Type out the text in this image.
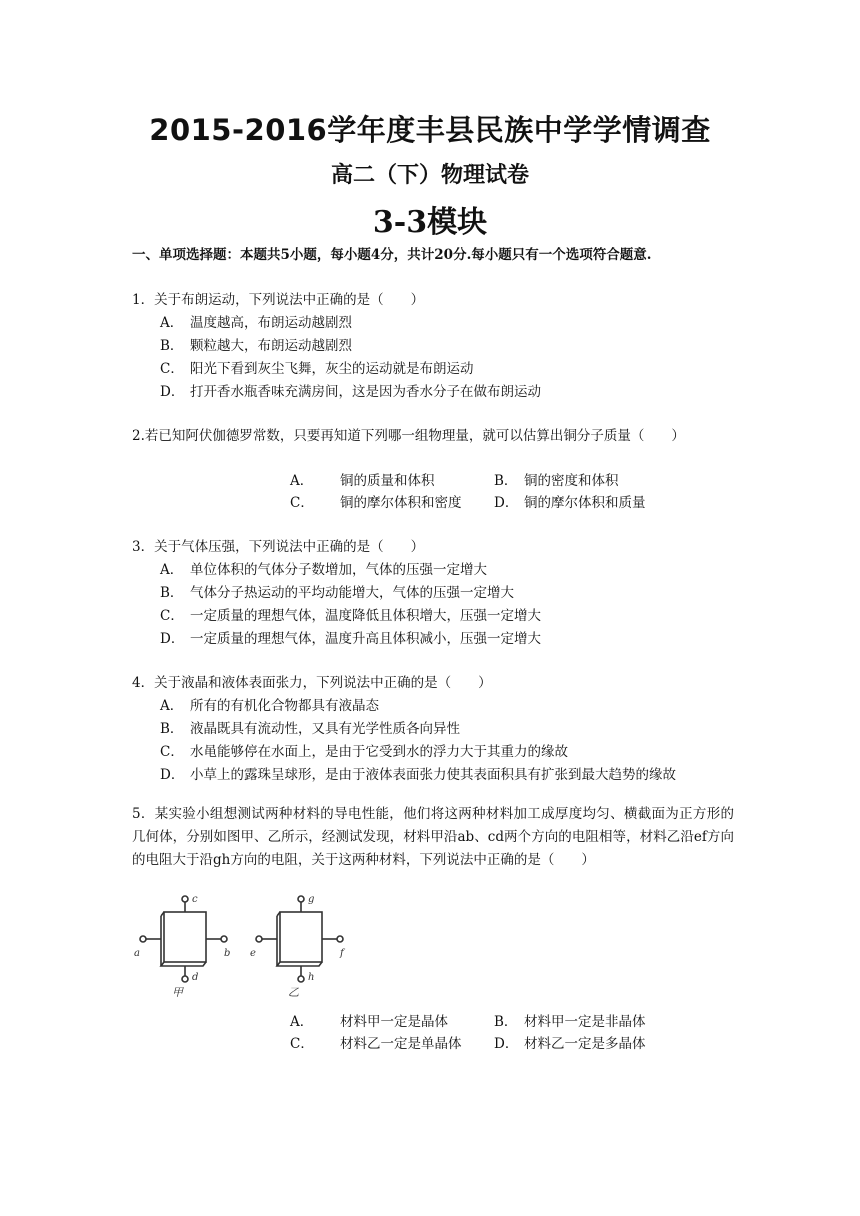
2015-2016学年度丰县民族中学学情调查
高二（下）物理试卷
3-3模块
一、单项选择题：本题共5小题，每小题4分，共计20分.每小题只有一个选项符合题意.
1．关于布朗运动，下列说法中正确的是（　　）
A． 温度越高，布朗运动越剧烈
B． 颗粒越大，布朗运动越剧烈
C． 阳光下看到灰尘飞舞，灰尘的运动就是布朗运动
D． 打开香水瓶香味充满房间，这是因为香水分子在做布朗运动
2.若已知阿伏伽德罗常数，只要再知道下列哪一组物理量，就可以估算出铜分子质量（　　）
A． 铜的质量和体积	B． 铜的密度和体积
C． 铜的摩尔体积和密度 D． 铜的摩尔体积和质量
3．关于气体压强，下列说法中正确的是（　　）
A． 单位体积的气体分子数增加，气体的压强一定增大
B． 气体分子热运动的平均动能增大，气体的压强一定增大
C． 一定质量的理想气体，温度降低且体积增大，压强一定增大
D． 一定质量的理想气体，温度升高且体积减小，压强一定增大
4．关于液晶和液体表面张力，下列说法中正确的是（　　）
A． 所有的有机化合物都具有液晶态
B． 液晶既具有流动性，又具有光学性质各向异性
C． 水黾能够停在水面上，是由于它受到水的浮力大于其重力的缘故
D． 小草上的露珠呈球形，是由于液体表面张力使其表面积具有扩张到最大趋势的缘故
5．某实验小组想测试两种材料的导电性能，他们将这两种材料加工成厚度均匀、横截面为正方形的几何体，分别如图甲、乙所示，经测试发现，材料甲沿ab、cd两个方向的电阻相等，材料乙沿ef方向的电阻大于沿gh方向的电阻，关于这两种材料，下列说法中正确的是（　　）
c
a	b
d
甲
g
e	f
h
乙
A． 材料甲一定是晶体	B． 材料甲一定是非晶体
C． 材料乙一定是单晶体 D． 材料乙一定是多晶体
